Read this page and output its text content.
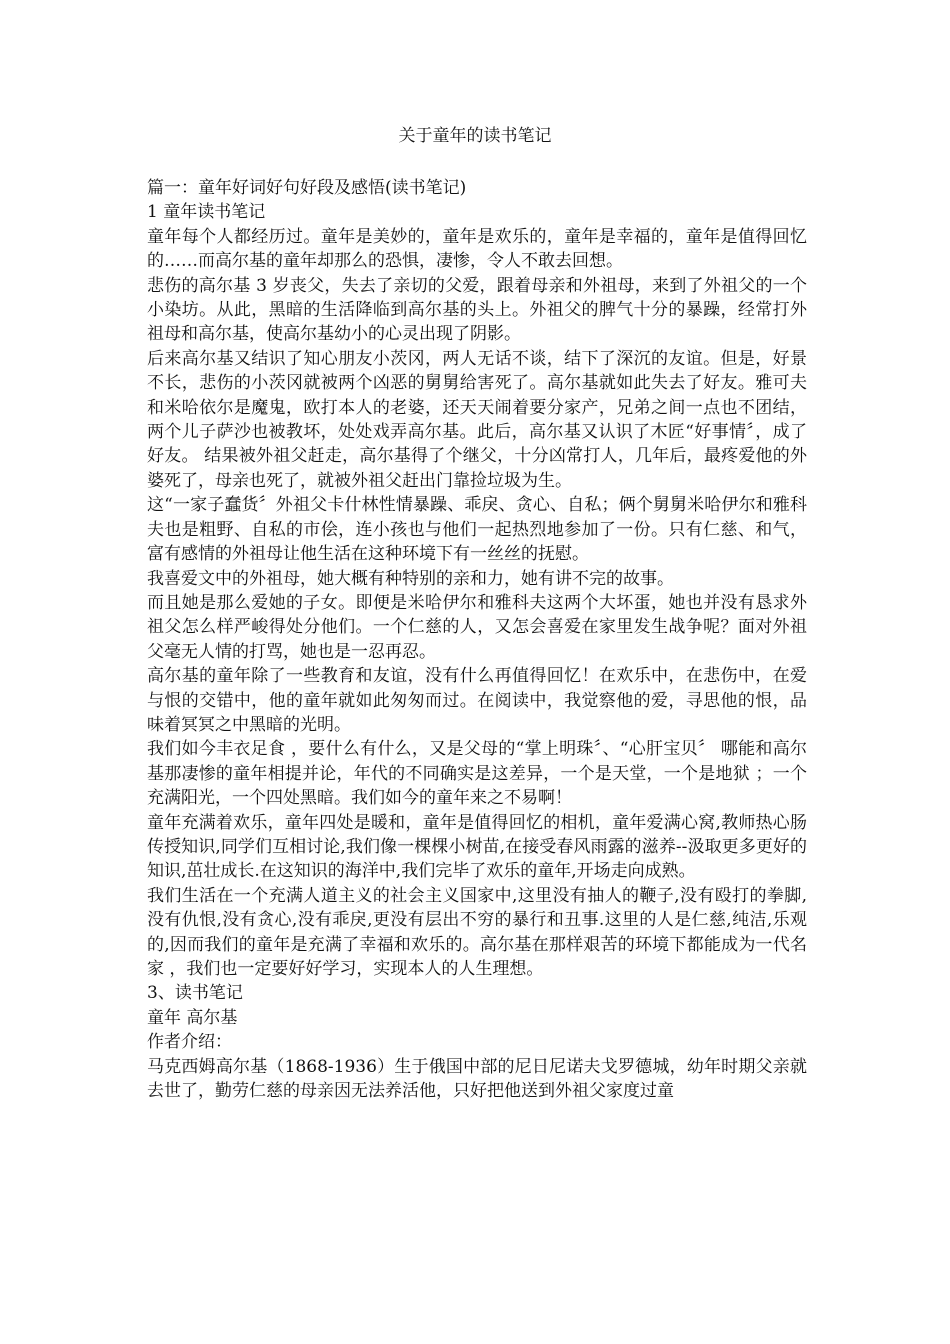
关于童年的读书笔记

篇一：童年好词好句好段及感悟(读书笔记)

1 童年读书笔记

童年每个人都经历过。童年是美妙的，童年是欢乐的，童年是幸福的，童年是值得回忆的……而高尔基的童年却那么的恐惧，凄惨，令人不敢去回想。

悲伤的高尔基 3 岁丧父，失去了亲切的父爱，跟着母亲和外祖母，来到了外祖父的一个小染坊。从此，黑暗的生活降临到高尔基的头上。外祖父的脾气十分的暴躁，经常打外祖母和高尔基，使高尔基幼小的心灵出现了阴影。

后来高尔基又结识了知心朋友小茨冈，两人无话不谈，结下了深沉的友谊。但是，好景不长，悲伤的小茨冈就被两个凶恶的舅舅给害死了。高尔基就如此失去了好友。雅可夫和米哈依尔是魔鬼，欧打本人的老婆，还天天闹着要分家产，兄弟之间一点也不团结，两个儿子萨沙也被教坏，处处戏弄高尔基。此后，高尔基又认识了木匠“好事情〞，成了好友。 结果被外祖父赶走，高尔基得了个继父，十分凶常打人，几年后，最疼爱他的外婆死了，母亲也死了，就被外祖父赶出门靠捡垃圾为生。

这“一家子蠢货〞外祖父卡什林性情暴躁、乖戾、贪心、自私；俩个舅舅米哈伊尔和雅科夫也是粗野、自私的市侩，连小孩也与他们一起热烈地参加了一份。只有仁慈、和气，富有感情的外祖母让他生活在这种环境下有一丝丝的抚慰。

我喜爱文中的外祖母，她大概有种特别的亲和力，她有讲不完的故事。

而且她是那么爱她的子女。即便是米哈伊尔和雅科夫这两个大坏蛋，她也并没有恳求外祖父怎么样严峻得处分他们。一个仁慈的人，又怎会喜爱在家里发生战争呢？面对外祖父毫无人情的打骂，她也是一忍再忍。

高尔基的童年除了一些教育和友谊，没有什么再值得回忆！在欢乐中，在悲伤中，在爱与恨的交错中，他的童年就如此匆匆而过。在阅读中，我觉察他的爱，寻思他的恨，品味着冥冥之中黑暗的光明。

我们如今丰衣足食 ，要什么有什么，又是父母的“掌上明珠〞、“心肝宝贝〞 哪能和高尔基那凄惨的童年相提并论，年代的不同确实是这差异，一个是天堂，一个是地狱 ；一个充满阳光，一个四处黑暗。我们如今的童年来之不易啊！

童年充满着欢乐，童年四处是暖和，童年是值得回忆的相机，童年爱满心窝,教师热心肠传授知识,同学们互相讨论,我们像一棵棵小树苗,在接受春风雨露的滋养--汲取更多更好的知识,茁壮成长.在这知识的海洋中,我们完毕了欢乐的童年,开场走向成熟。

我们生活在一个充满人道主义的社会主义国家中,这里没有抽人的鞭子,没有殴打的拳脚,没有仇恨,没有贪心,没有乖戾,更没有层出不穷的暴行和丑事.这里的人是仁慈,纯洁,乐观的,因而我们的童年是充满了幸福和欢乐的。高尔基在那样艰苦的环境下都能成为一代名家 ，我们也一定要好好学习，实现本人的人生理想。

3、读书笔记

童年 高尔基

作者介绍：

马克西姆高尔基（1868-1936）生于俄国中部的尼日尼诺夫戈罗德城，幼年时期父亲就去世了，勤劳仁慈的母亲因无法养活他，只好把他送到外祖父家度过童
